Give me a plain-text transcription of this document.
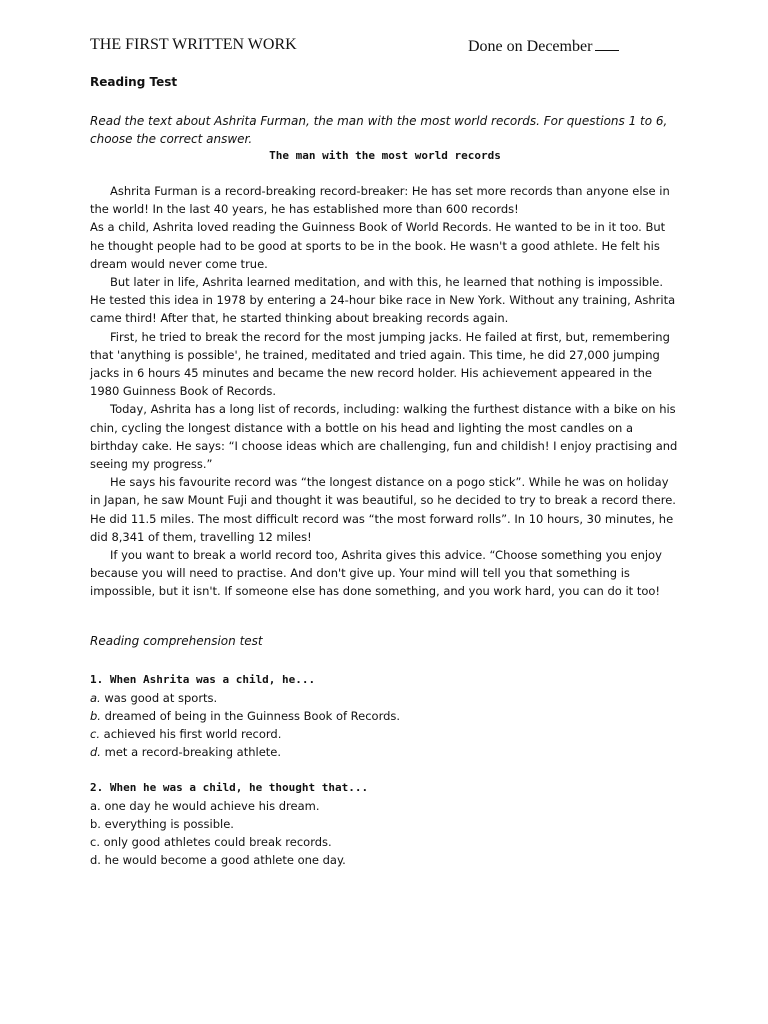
THE FIRST WRITTEN WORK	Done on December
Reading Test
Read the text about Ashrita Furman, the man with the most world records. For questions 1 to 6, choose the correct answer.
The man with the most world records

Ashrita Furman is a record-breaking record-breaker: He has set more records than anyone else in the world! In the last 40 years, he has established more than 600 records!

As a child, Ashrita loved reading the Guinness Book of World Records. He wanted to be in it too. But he thought people had to be good at sports to be in the book. He wasn't a good athlete. He felt his dream would never come true.

But later in life, Ashrita learned meditation, and with this, he learned that nothing is impossible. He tested this idea in 1978 by entering a 24-hour bike race in New York. Without any training, Ashrita came third! After that, he started thinking about breaking records again.

First, he tried to break the record for the most jumping jacks. He failed at first, but, remembering that 'anything is possible', he trained, meditated and tried again. This time, he did 27,000 jumping jacks in 6 hours 45 minutes and became the new record holder. His achievement appeared in the 1980 Guinness Book of Records.

Today, Ashrita has a long list of records, including: walking the furthest distance with a bike on his chin, cycling the longest distance with a bottle on his head and lighting the most candles on a birthday cake. He says: “I choose ideas which are challenging, fun and childish! I enjoy practising and seeing my progress.”

He says his favourite record was “the longest distance on a pogo stick”. While he was on holiday in Japan, he saw Mount Fuji and thought it was beautiful, so he decided to try to break a record there. He did 11.5 miles. The most difficult record was “the most forward rolls”. In 10 hours, 30 minutes, he did 8,341 of them, travelling 12 miles!

If you want to break a world record too, Ashrita gives this advice. “Choose something you enjoy because you will need to practise. And don't give up. Your mind will tell you that something is impossible, but it isn't. If someone else has done something, and you work hard, you can do it too!

Reading comprehension test
1. When Ashrita was a child, he...
a. was good at sports.
b. dreamed of being in the Guinness Book of Records.
c. achieved his first world record.
d. met a record-breaking athlete.
2. When he was a child, he thought that...
a. one day he would achieve his dream.
b. everything is possible.
c. only good athletes could break records.
d. he would become a good athlete one day.
